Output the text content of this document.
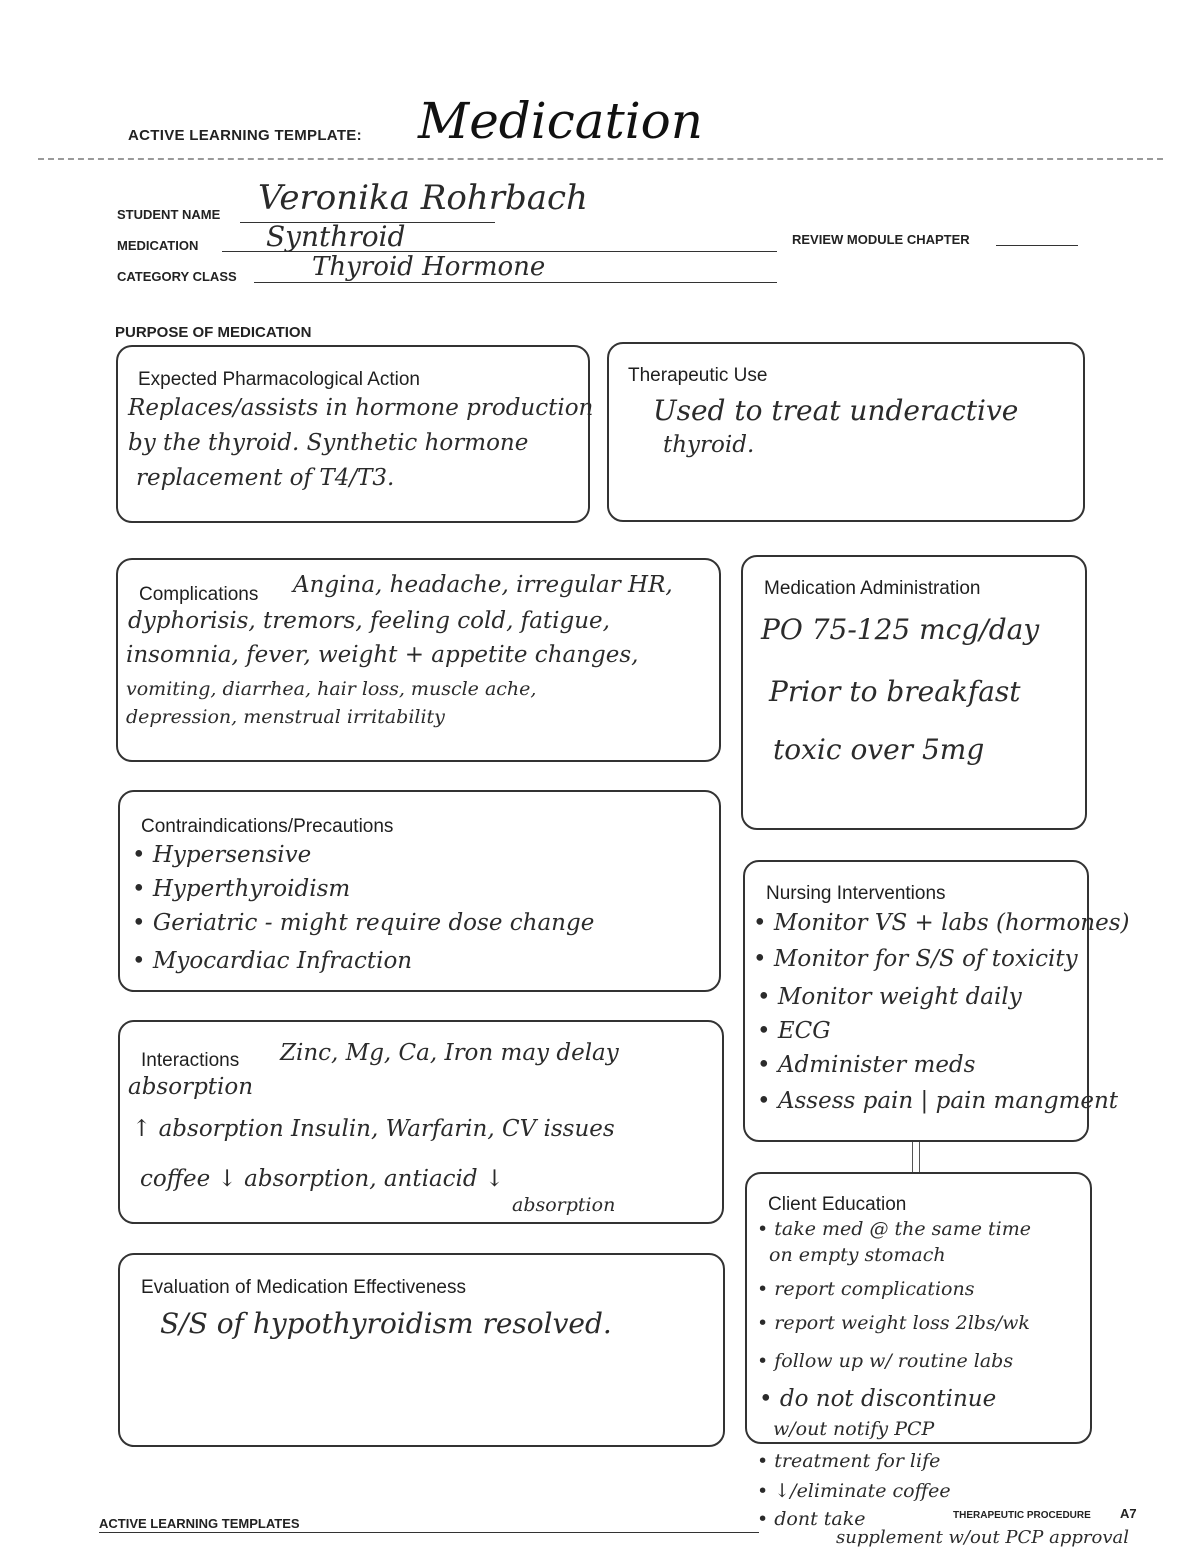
ACTIVE LEARNING TEMPLATE: Medication
STUDENT NAME Veronika Rohrbach
MEDICATION Synthroid	REVIEW MODULE CHAPTER
CATEGORY CLASS	Thyroid Hormone
PURPOSE OF MEDICATION
Expected Pharmacological Action
Replaces/assists in hormone production
by the thyroid. Synthetic hormone
replacement of T4/T3.
Therapeutic Use
Used to treat underactive
thyroid.
Complications Angina, headache, irregular HR,
dyphorisis, tremors, feeling cold, fatigue,
insomnia, fever, weight + appetite changes,
vomiting, diarrhea, hair loss, muscle ache,
depression, menstrual irritability
Medication Administration
PO 75-125 mcg/day
Prior to breakfast
toxic over 5mg
Contraindications/Precautions
• Hypersensive
• Hyperthyroidism
• Geriatric - might require dose change
• Myocardiac Infraction
Nursing Interventions
• Monitor VS + labs (hormones)
• Monitor for S/S of toxicity
• Monitor weight daily
• ECG
• Administer meds
• Assess pain | pain mangment
Interactions Zinc, Mg, Ca, Iron may delay
absorption
↑ absorption Insulin, Warfarin, CV issues
coffee ↓ absorption, antiacid ↓
absorption	Client Education
• take med @ the same time
on empty stomach
• report complications
• report weight loss 2lbs/wk
• follow up w/ routine labs
• do not discontinue
w/out notify PCP
• treatment for life
• ↓/eliminate coffee
• dont take
supplement w/out PCP approval
Evaluation of Medication Effectiveness
S/S of hypothyroidism resolved.
ACTIVE LEARNING TEMPLATES
THERAPEUTIC PROCEDURE A7
